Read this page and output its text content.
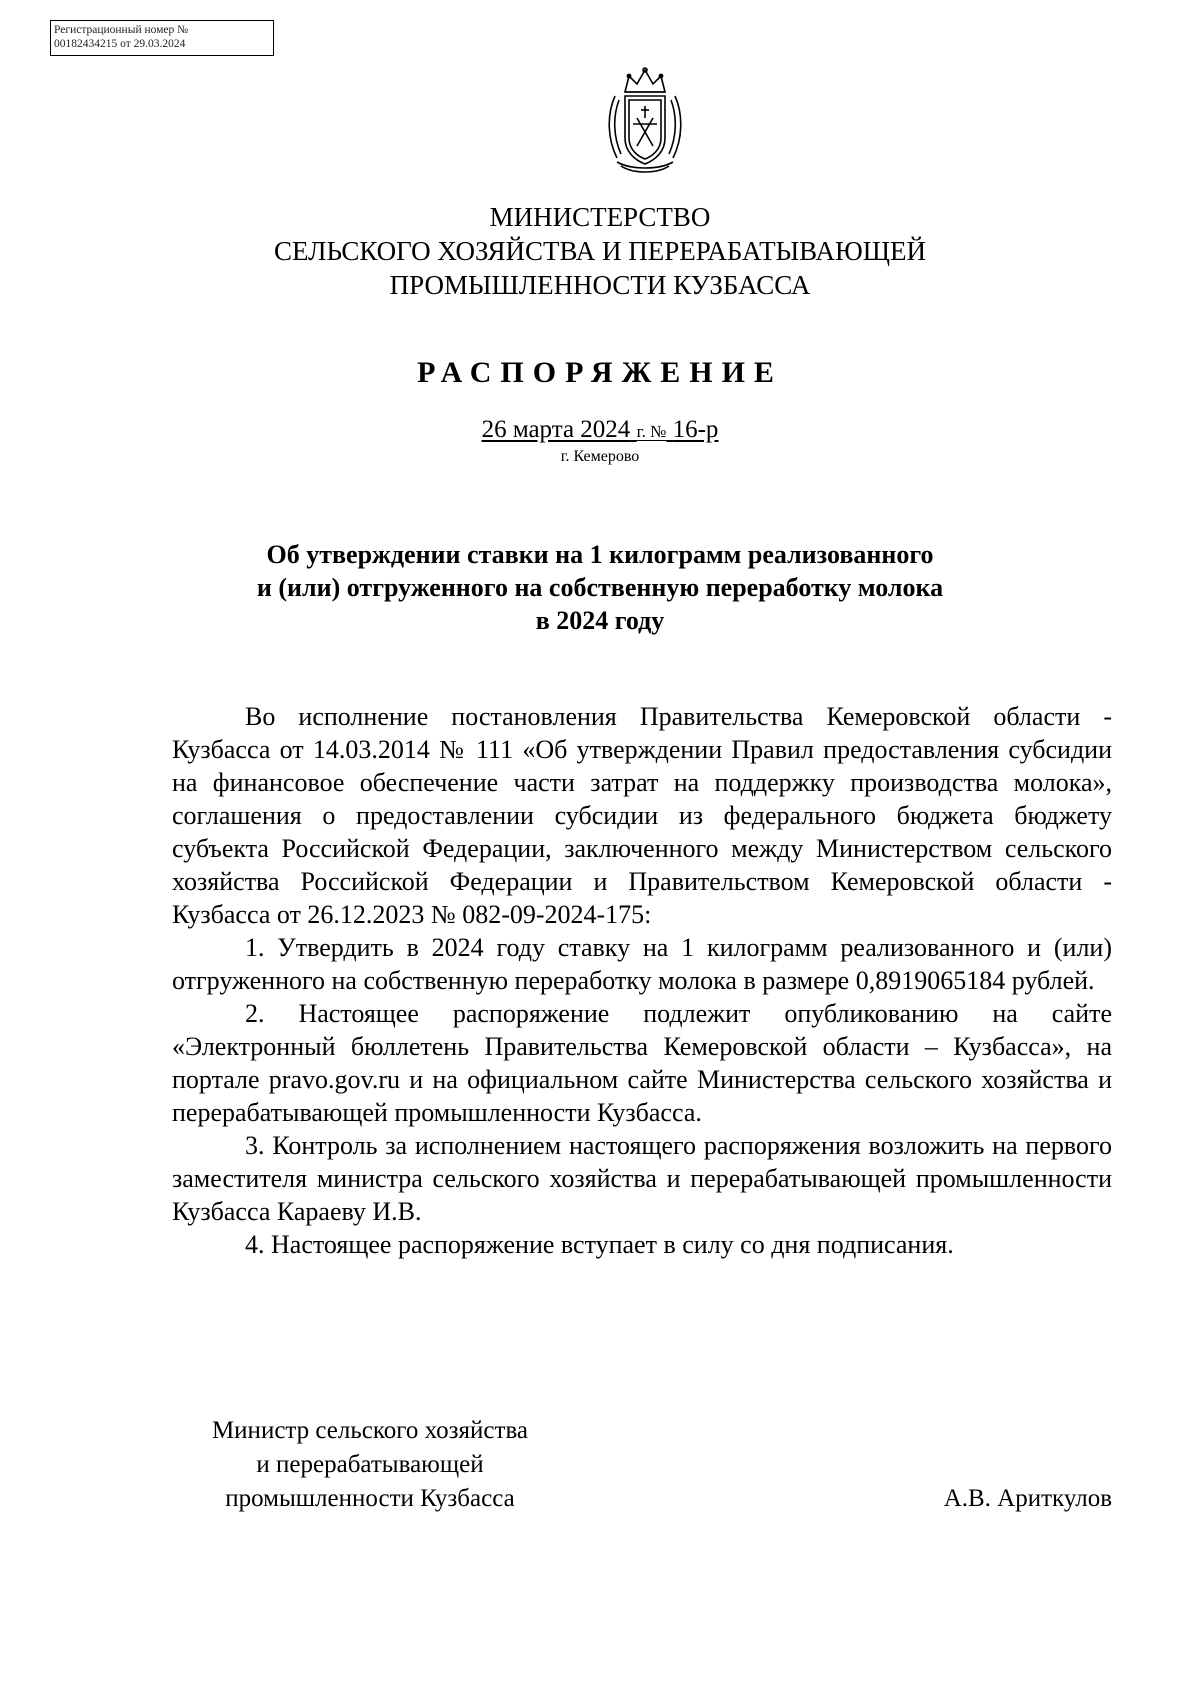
Регистрационный номер №
00182434215 от 29.03.2024
МИНИСТЕРСТВО
СЕЛЬСКОГО ХОЗЯЙСТВА И ПЕРЕРАБАТЫВАЮЩЕЙ
ПРОМЫШЛЕННОСТИ КУЗБАССА
РАСПОРЯЖЕНИЕ
26 марта 2024 г. № 16-р
г. Кемерово
Об утверждении ставки на 1 килограмм реализованного
и (или) отгруженного на собственную переработку молока
в 2024 году

Во исполнение постановления Правительства Кемеровской области - Кузбасса от 14.03.2014 № 111 «Об утверждении Правил предоставления субсидии на финансовое обеспечение части затрат на поддержку производства молока», соглашения о предоставлении субсидии из федерального бюджета бюджету субъекта Российской Федерации, заключенного между Министерством сельского хозяйства Российской Федерации и Правительством Кемеровской области - Кузбасса от 26.12.2023 № 082-09-2024-175:

1. Утвердить в 2024 году ставку на 1 килограмм реализованного и (или) отгруженного на собственную переработку молока в размере 0,8919065184 рублей.

2. Настоящее распоряжение подлежит опубликованию на сайте «Электронный бюллетень Правительства Кемеровской области – Кузбасса», на портале pravo.gov.ru и на официальном сайте Министерства сельского хозяйства и перерабатывающей промышленности Кузбасса.

3. Контроль за исполнением настоящего распоряжения возложить на первого заместителя министра сельского хозяйства и перерабатывающей промышленности Кузбасса Караеву И.В.

4. Настоящее распоряжение вступает в силу со дня подписания.

Министр сельского хозяйства
и перерабатывающей
промышленности Кузбасса	А.В. Ариткулов
